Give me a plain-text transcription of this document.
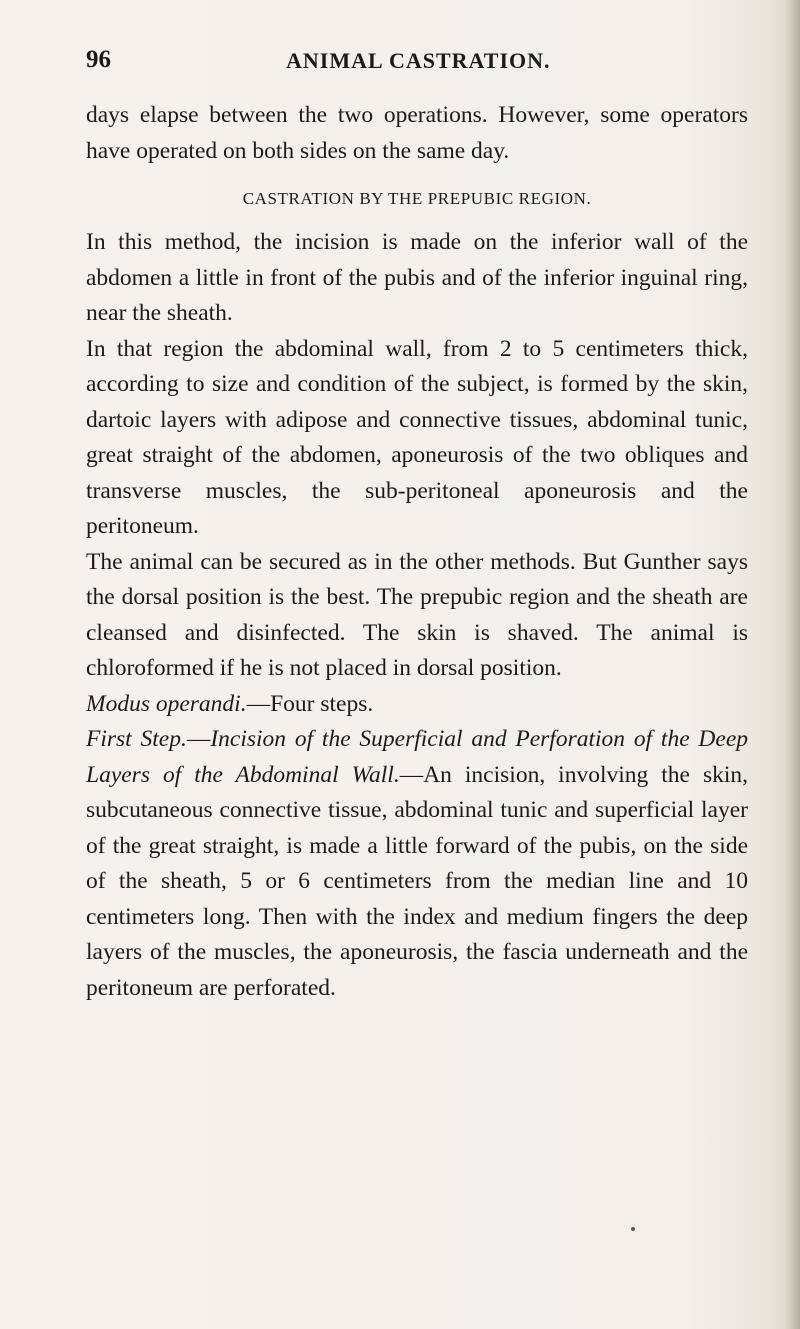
96	ANIMAL CASTRATION.

days elapse between the two operations. However, some operators have operated on both sides on the same day.

CASTRATION BY THE PREPUBIC REGION.

In this method, the incision is made on the inferior wall of the abdomen a little in front of the pubis and of the inferior inguinal ring, near the sheath.

In that region the abdominal wall, from 2 to 5 centimeters thick, according to size and condition of the subject, is formed by the skin, dartoic layers with adipose and connective tissues, abdominal tunic, great straight of the abdomen, aponeurosis of the two obliques and transverse muscles, the sub-peritoneal aponeurosis and the peritoneum.

The animal can be secured as in the other methods. But Gunther says the dorsal position is the best. The prepubic region and the sheath are cleansed and disinfected. The skin is shaved. The animal is chloroformed if he is not placed in dorsal position.

Modus operandi.—Four steps.

First Step.—Incision of the Superficial and Perforation of the Deep Layers of the Abdominal Wall.—An incision, involving the skin, subcutaneous connective tissue, abdominal tunic and superficial layer of the great straight, is made a little forward of the pubis, on the side of the sheath, 5 or 6 centimeters from the median line and 10 centimeters long. Then with the index and medium fingers the deep layers of the muscles, the aponeurosis, the fascia underneath and the peritoneum are perforated.
